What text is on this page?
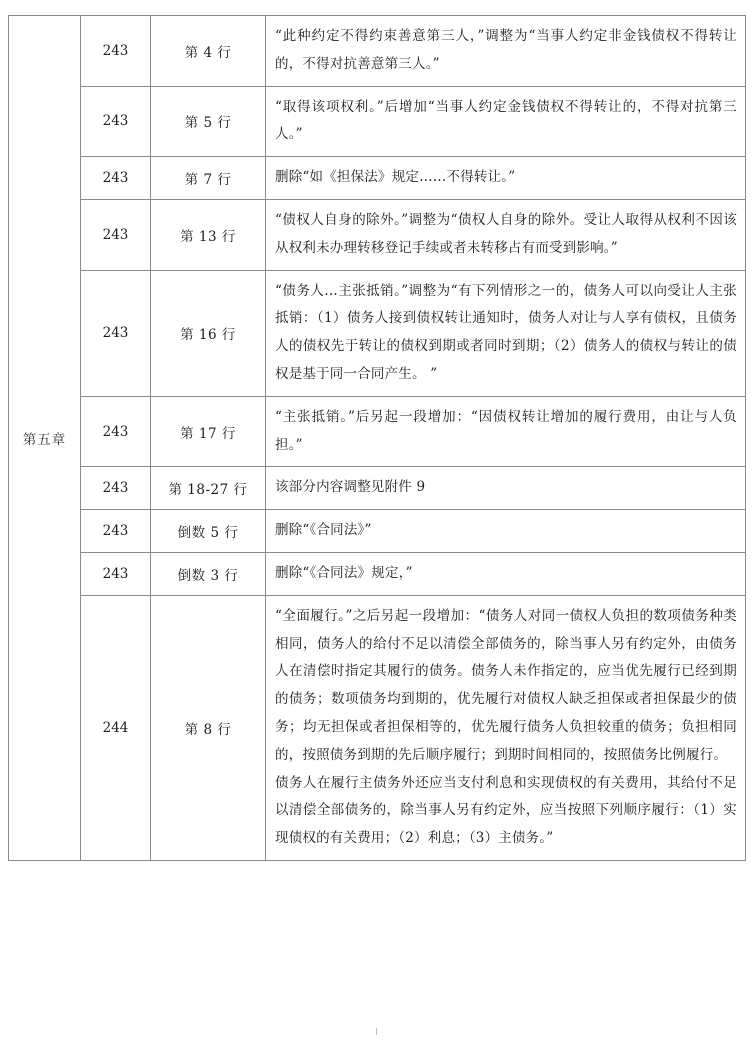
第五章	243	第 4 行	“此种约定不得约束善意第三人，”调整为“当事人约定非金钱债权不得转让的，不得对抗善意第三人。”
	243	第 5 行	“取得该项权利。”后增加“当事人约定金钱债权不得转让的，不得对抗第三人。”
	243	第 7 行	删除“如《担保法》规定……不得转让。”
	243	第 13 行	“债权人自身的除外。”调整为“债权人自身的除外。受让人取得从权利不因该从权利未办理转移登记手续或者未转移占有而受到影响。”
	243	第 16 行	“债务人…主张抵销。”调整为“有下列情形之一的，债务人可以向受让人主张抵销：（1）债务人接到债权转让通知时，债务人对让与人享有债权，且债务人的债权先于转让的债权到期或者同时到期；（2）债务人的债权与转让的债权是基于同一合同产生。 ”
	243	第 17 行	“主张抵销。”后另起一段增加：“因债权转让增加的履行费用，由让与人负担。”
	243	第 18-27 行	该部分内容调整见附件 9
	243	倒数 5 行	删除“《合同法》”
	243	倒数 3 行	删除“《合同法》规定，”
	244	第 8 行	“全面履行。”之后另起一段增加：“债务人对同一债权人负担的数项债务种类相同，债务人的给付不足以清偿全部债务的，除当事人另有约定外，由债务人在清偿时指定其履行的债务。债务人未作指定的，应当优先履行已经到期的债务；数项债务均到期的，优先履行对债权人缺乏担保或者担保最少的债务；均无担保或者担保相等的，优先履行债务人负担较重的债务；负担相同的，按照债务到期的先后顺序履行；到期时间相同的，按照债务比例履行。

债务人在履行主债务外还应当支付利息和实现债权的有关费用，其给付不足以清偿全部债务的，除当事人另有约定外，应当按照下列顺序履行：（1）实现债权的有关费用；（2）利息；（3）主债务。”
